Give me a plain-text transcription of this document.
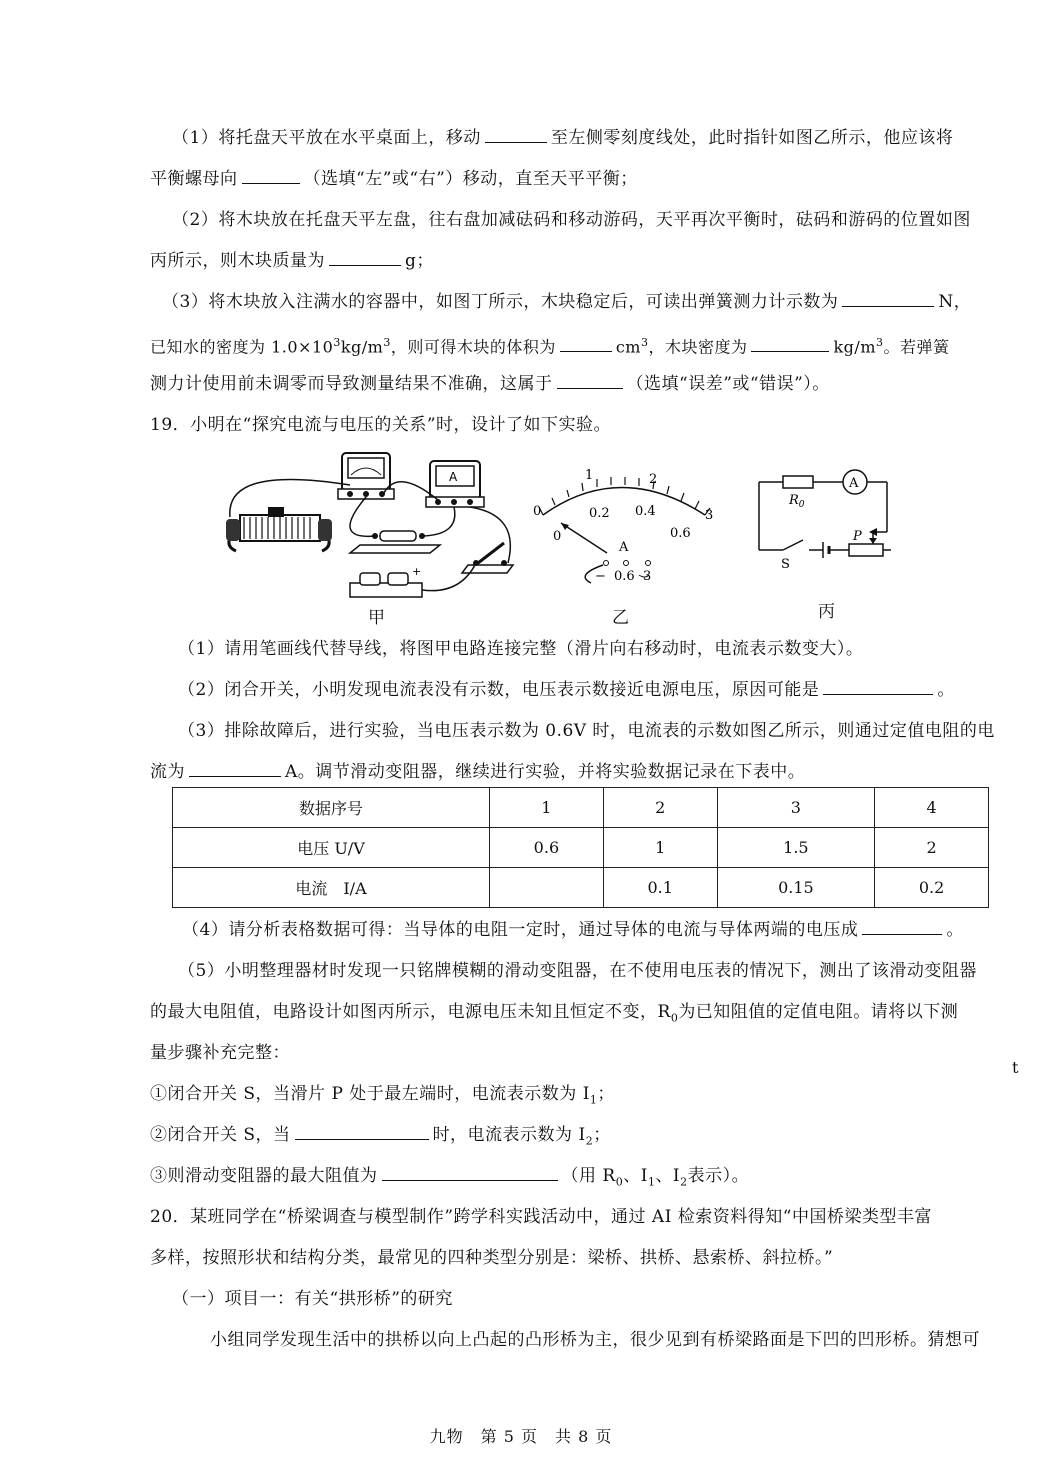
（1）将托盘天平放在水平桌面上，移动	至左侧零刻度线处，此时指针如图乙所示，他应该将
平衡螺母向	（选填“左”或“右”）移动，直至天平平衡；
（2）将木块放在托盘天平左盘，往右盘加减砝码和移动游码，天平再次平衡时，砝码和游码的位置如图
丙所示，则木块质量为	g；
（3）将木块放入注满水的容器中，如图丁所示，木块稳定后，可读出弹簧测力计示数为	N，
已知水的密度为 $1.0\times 10^3kg/m^3$，则可得木块的体积为	$cm^3$，木块密度为	$kg/m^3$。若弹簧
测力计使用前未调零而导致测量结果不准确，这属于	（选填“误差”或“错误”）。
19．小明在“探究电流与电压的关系”时，设计了如下实验。
A
+
甲
0
1	2
3
0.2 0.4
0.6
0
A
− 0.6 3
乙
$R_0$
A
P
S
丙
（1）请用笔画线代替导线，将图甲电路连接完整（滑片向右移动时，电流表示数变大）。
（2）闭合开关，小明发现电流表没有示数，电压表示数接近电源电压，原因可能是	。
（3）排除故障后，进行实验，当电压表示数为 0.6V 时，电流表的示数如图乙所示，则通过定值电阻的电
流为	A。调节滑动变阻器，继续进行实验，并将实验数据记录在下表中。
数据序号	1	2	3	4
电压 U/V	0.6	1	1.5	2
电流　I/A		0.1	0.15	0.2
（4）请分析表格数据可得：当导体的电阻一定时，通过导体的电流与导体两端的电压成	。
（5）小明整理器材时发现一只铭牌模糊的滑动变阻器，在不使用电压表的情况下，测出了该滑动变阻器
的最大电阻值，电路设计如图丙所示，电源电压未知且恒定不变，$R_0$为已知阻值的定值电阻。请将以下测
量步骤补充完整：
①闭合开关 S，当滑片 P 处于最左端时，电流表示数为 $I_1$；
②闭合开关 S，当	时，电流表示数为 $I_2$；
③则滑动变阻器的最大阻值为	（用 $R_0$、$I_1$、$I_2$表示）。
20．某班同学在“桥梁调查与模型制作”跨学科实践活动中，通过 AI 检索资料得知“中国桥梁类型丰富
多样，按照形状和结构分类，最常见的四种类型分别是：梁桥、拱桥、悬索桥、斜拉桥。”
（一）项目一：有关“拱形桥”的研究
小组同学发现生活中的拱桥以向上凸起的凸形桥为主，很少见到有桥梁路面是下凹的凹形桥。猜想可
t
九物　第 5 页　共 8 页
